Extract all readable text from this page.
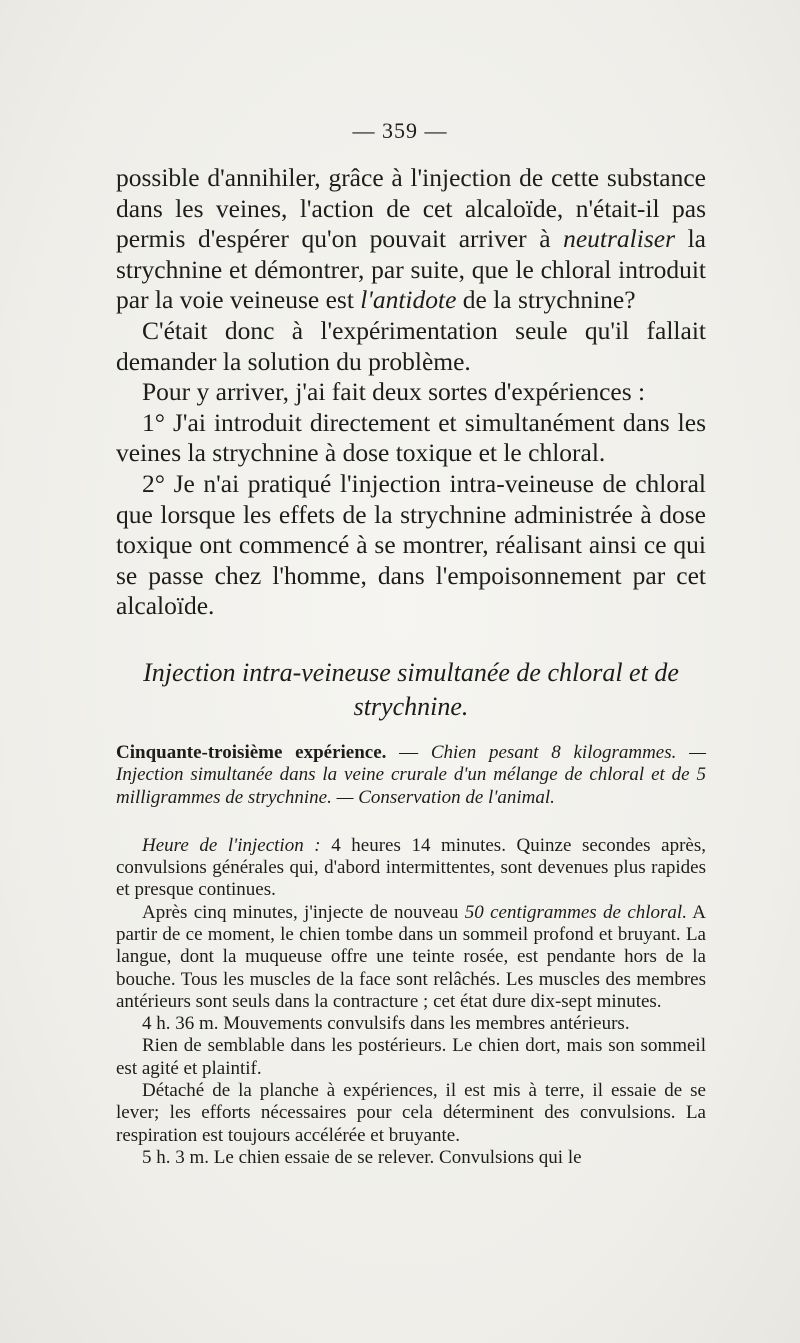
— 359 —

possible d'annihiler, grâce à l'injection de cette substance dans les veines, l'action de cet alcaloïde, n'était-il pas permis d'espérer qu'on pouvait arriver à neutraliser la strychnine et démontrer, par suite, que le chloral introduit par la voie veineuse est l'antidote de la strychnine?

C'était donc à l'expérimentation seule qu'il fallait demander la solution du problème.

Pour y arriver, j'ai fait deux sortes d'expériences :

1° J'ai introduit directement et simultanément dans les veines la strychnine à dose toxique et le chloral.

2° Je n'ai pratiqué l'injection intra-veineuse de chloral que lorsque les effets de la strychnine administrée à dose toxique ont commencé à se montrer, réalisant ainsi ce qui se passe chez l'homme, dans l'empoisonnement par cet alcaloïde.

Injection intra-veineuse simultanée de chloral et de strychnine.

Cinquante-troisième expérience. — Chien pesant 8 kilogrammes. — Injection simultanée dans la veine crurale d'un mélange de chloral et de 5 milligrammes de strychnine. — Conservation de l'animal.

Heure de l'injection : 4 heures 14 minutes. Quinze secondes après, convulsions générales qui, d'abord intermittentes, sont devenues plus rapides et presque continues.

Après cinq minutes, j'injecte de nouveau 50 centigrammes de chloral. A partir de ce moment, le chien tombe dans un sommeil profond et bruyant. La langue, dont la muqueuse offre une teinte rosée, est pendante hors de la bouche. Tous les muscles de la face sont relâchés. Les muscles des membres antérieurs sont seuls dans la contracture ; cet état dure dix-sept minutes.

4 h. 36 m. Mouvements convulsifs dans les membres antérieurs.

Rien de semblable dans les postérieurs. Le chien dort, mais son sommeil est agité et plaintif.

Détaché de la planche à expériences, il est mis à terre, il essaie de se lever; les efforts nécessaires pour cela déterminent des convulsions. La respiration est toujours accélérée et bruyante.

5 h. 3 m. Le chien essaie de se relever. Convulsions qui le
